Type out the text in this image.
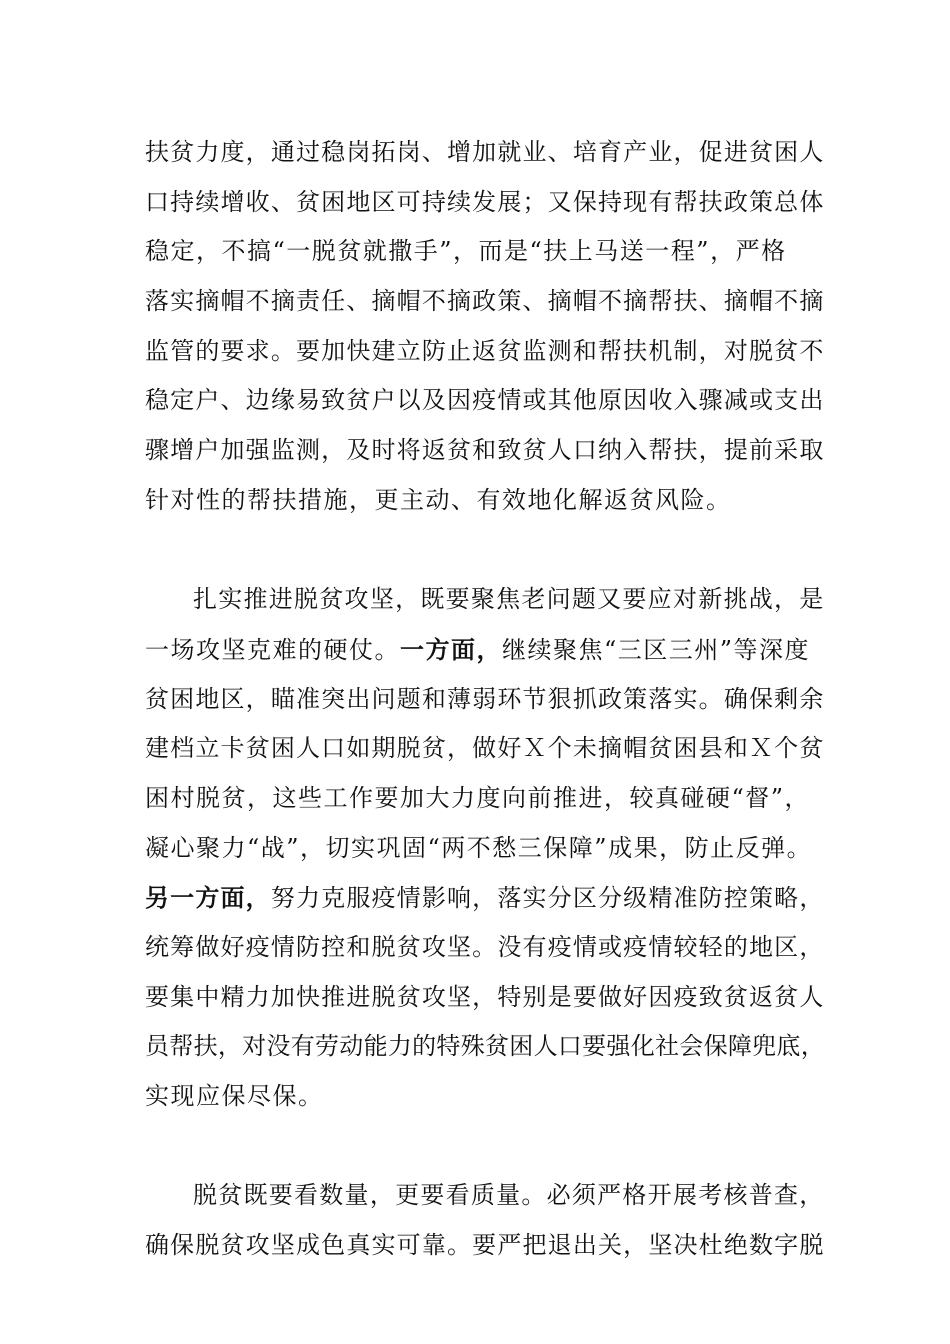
扶贫力度，通过稳岗拓岗、增加就业、培育产业，促进贫困人
口持续增收、贫困地区可持续发展；又保持现有帮扶政策总体
稳定，不搞“一脱贫就撒手”，而是“扶上马送一程”，严格
落实摘帽不摘责任、摘帽不摘政策、摘帽不摘帮扶、摘帽不摘
监管的要求。要加快建立防止返贫监测和帮扶机制，对脱贫不
稳定户、边缘易致贫户以及因疫情或其他原因收入骤减或支出
骤增户加强监测，及时将返贫和致贫人口纳入帮扶，提前采取
针对性的帮扶措施，更主动、有效地化解返贫风险。
扎实推进脱贫攻坚，既要聚焦老问题又要应对新挑战，是
一场攻坚克难的硬仗。一方面，继续聚焦“三区三州”等深度
贫困地区，瞄准突出问题和薄弱环节狠抓政策落实。确保剩余
建档立卡贫困人口如期脱贫，做好Ｘ个未摘帽贫困县和Ｘ个贫
困村脱贫，这些工作要加大力度向前推进，较真碰硬“督”，
凝心聚力“战”，切实巩固“两不愁三保障”成果，防止反弹。
另一方面，努力克服疫情影响，落实分区分级精准防控策略，
统筹做好疫情防控和脱贫攻坚。没有疫情或疫情较轻的地区，
要集中精力加快推进脱贫攻坚，特别是要做好因疫致贫返贫人
员帮扶，对没有劳动能力的特殊贫困人口要强化社会保障兜底，
实现应保尽保。
脱贫既要看数量，更要看质量。必须严格开展考核普查，
确保脱贫攻坚成色真实可靠。要严把退出关，坚决杜绝数字脱
